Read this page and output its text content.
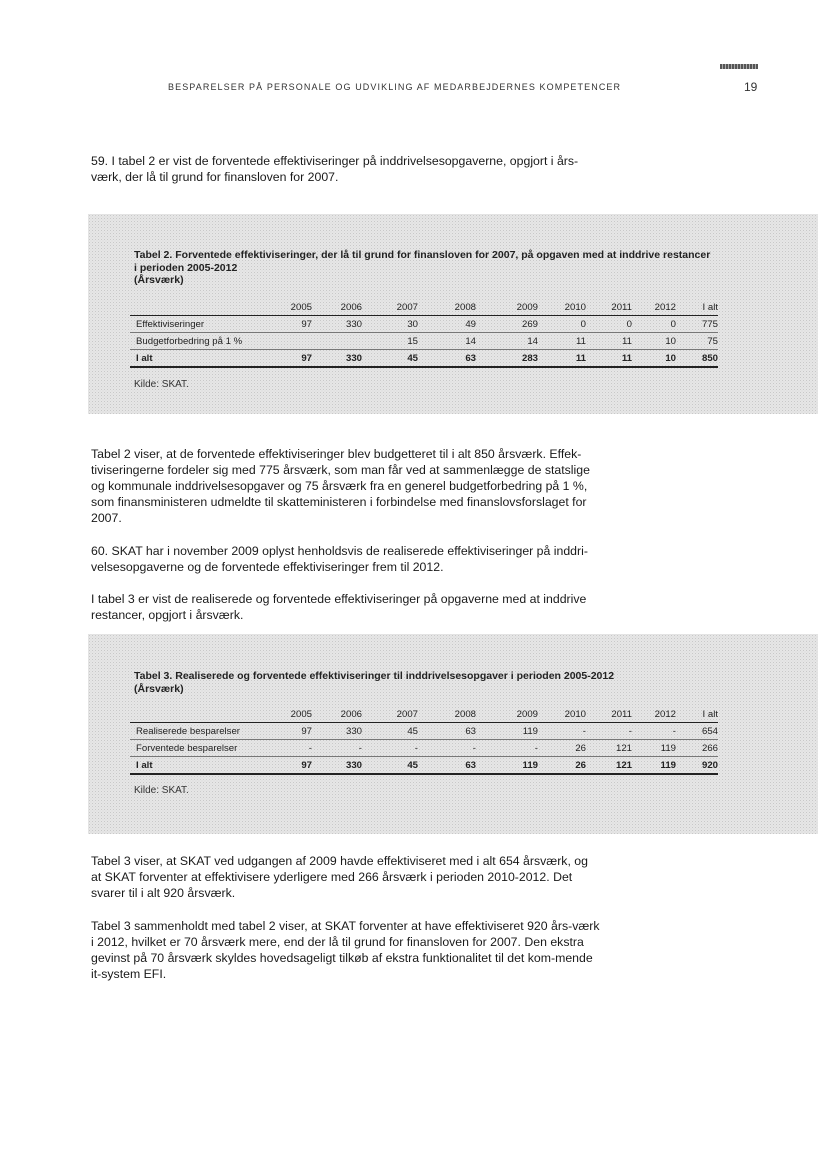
BESPARELSER PÅ PERSONALE OG UDVIKLING AF MEDARBEJDERNES KOMPETENCER	19

59. I tabel 2 er vist de forventede effektiviseringer på inddrivelsesopgaverne, opgjort i års-værk, der lå til grund for finansloven for 2007.

Tabel 2. Forventede effektiviseringer, der lå til grund for finansloven for 2007, på opgaven med at inddrive restancer
i perioden 2005-2012
(Årsværk)
	2005	2006	2007	2008	2009	2010	2011	2012	I alt
Effektiviseringer	97	330	30	49	269	0	0	0	775
Budgetforbedring på 1 %			15	14	14	11	11	10	75
I alt	97	330	45	63	283	11	11	10	850
Kilde: SKAT.

Tabel 2 viser, at de forventede effektiviseringer blev budgetteret til i alt 850 årsværk. Effek-tiviseringerne fordeler sig med 775 årsværk, som man får ved at sammenlægge de statslige og kommunale inddrivelsesopgaver og 75 årsværk fra en generel budgetforbedring på 1 %, som finansministeren udmeldte til skatteministeren i forbindelse med finanslovsforslaget for 2007.

60. SKAT har i november 2009 oplyst henholdsvis de realiserede effektiviseringer på inddri-velsesopgaverne og de forventede effektiviseringer frem til 2012.

I tabel 3 er vist de realiserede og forventede effektiviseringer på opgaverne med at inddrive restancer, opgjort i årsværk.

Tabel 3. Realiserede og forventede effektiviseringer til inddrivelsesopgaver i perioden 2005-2012
(Årsværk)
	2005	2006	2007	2008	2009	2010	2011	2012	I alt
Realiserede besparelser	97	330	45	63	119	-	-	-	654
Forventede besparelser	-	-	-	-	-	26	121	119	266
I alt	97	330	45	63	119	26	121	119	920
Kilde: SKAT.

Tabel 3 viser, at SKAT ved udgangen af 2009 havde effektiviseret med i alt 654 årsværk, og at SKAT forventer at effektivisere yderligere med 266 årsværk i perioden 2010-2012. Det svarer til i alt 920 årsværk.

Tabel 3 sammenholdt med tabel 2 viser, at SKAT forventer at have effektiviseret 920 års-værk i 2012, hvilket er 70 årsværk mere, end der lå til grund for finansloven for 2007. Den ekstra gevinst på 70 årsværk skyldes hovedsageligt tilkøb af ekstra funktionalitet til det kom-mende it-system EFI.
